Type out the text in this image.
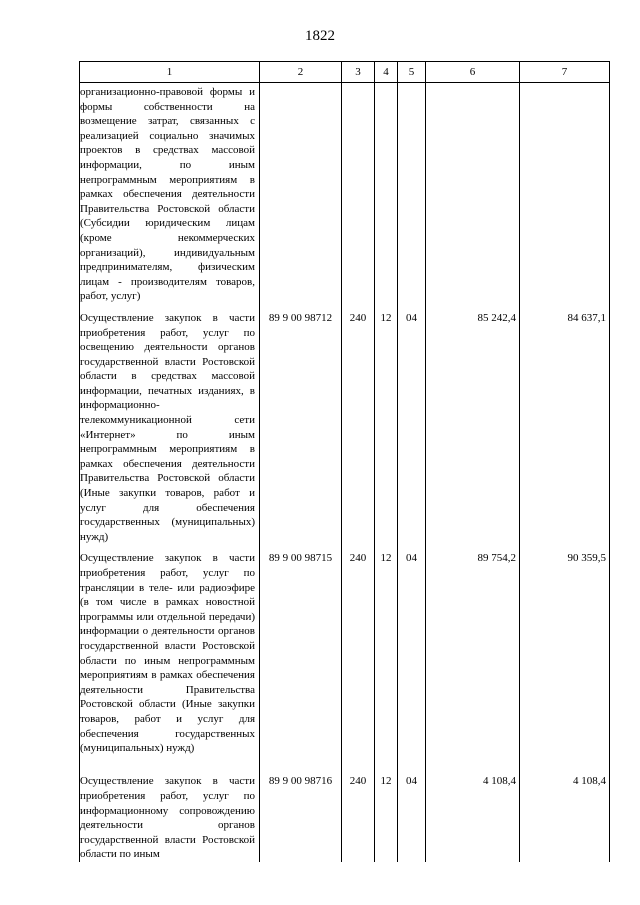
1822
1	2	3	4	5	6	7
организационно-правовой формы и формы собственности на возмещение затрат, связанных с реализацией социально значимых проектов в средствах массовой информации, по иным непрограммным мероприятиям в рамках обеспечения деятельности Правительства Ростовской области (Субсидии юридическим лицам (кроме некоммерческих организаций), индивидуальным предпринимателям, физическим лицам - производителям товаров, работ, услуг)						
Осуществление закупок в части приобретения работ, услуг по освещению деятельности органов государственной власти Ростовской области в средствах массовой информации, печатных изданиях, в информационно-телекоммуникационной сети «Интернет» по иным непрограммным мероприятиям в рамках обеспечения деятельности Правительства Ростовской области (Иные закупки товаров, работ и услуг для обеспечения государственных (муниципальных) нужд)	89 9 00 98712	240	12	04	85 242,4	84 637,1
Осуществление закупок в части приобретения работ, услуг по трансляции в теле- или радиоэфире (в том числе в рамках новостной программы или отдельной передачи) информации о деятельности органов государственной власти Ростовской области по иным непрограммным мероприятиям в рамках обеспечения деятельности Правительства Ростовской области (Иные закупки товаров, работ и услуг для обеспечения государственных (муниципальных) нужд)	89 9 00 98715	240	12	04	89 754,2	90 359,5
Осуществление закупок в части приобретения работ, услуг по информационному сопровождению деятельности органов государственной власти Ростовской области по иным	89 9 00 98716	240	12	04	4 108,4	4 108,4
